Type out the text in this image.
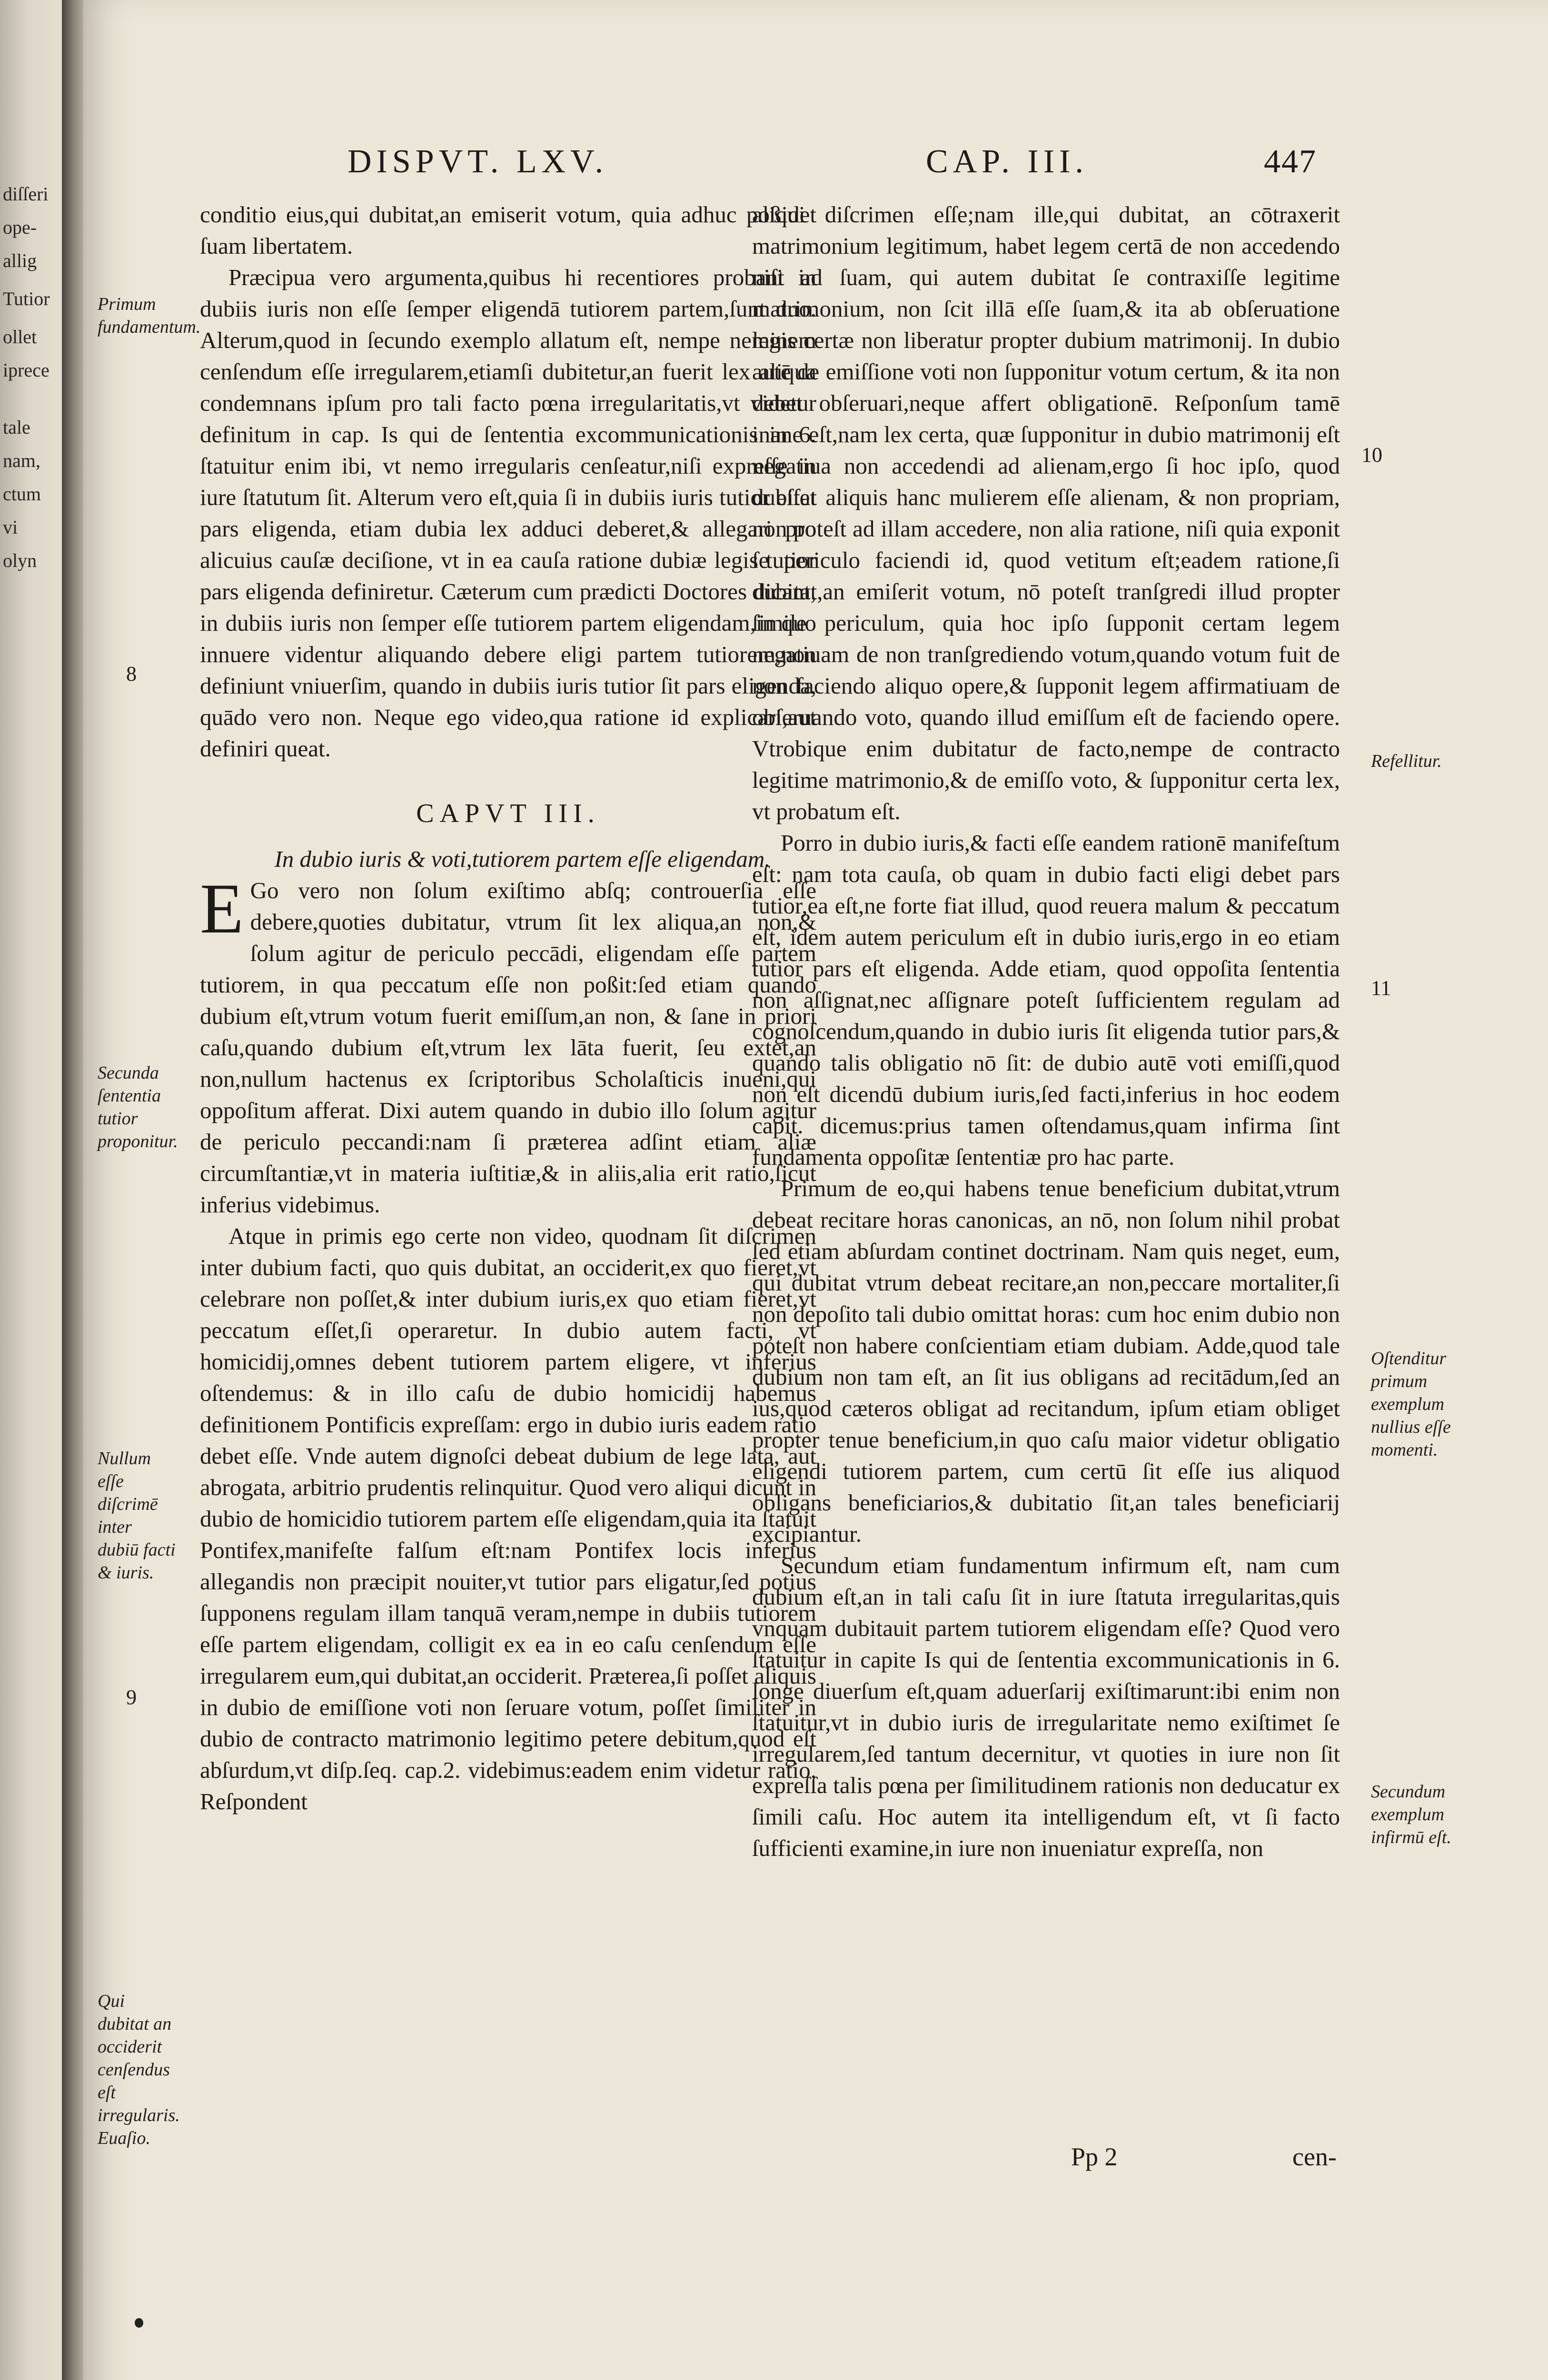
diſſeri
ope-
allig
Tutior
ollet
iprece
tale
nam,
ctum
vi
olyn
DISPVT. LXV.	CAP. III.	447
Primum fundamentum.
Secunda ſententia tutior proponitur.
Nullum eſſe diſcrimē inter dubiū facti & iuris.
Qui dubitat an occiderit cenſendus eſt irregularis. Euaſio.
8
9
Refellitur.
Oſtenditur primum exemplum nullius eſſe momenti.
Secundum exemplum infirmū eſt.
10
11

conditio eius,qui dubitat,an emiserit votum, quia adhuc poßidet ſuam libertatem.

Præcipua vero argumenta,quibus hi recentiores probant in dubiis iuris non eſſe ſemper eligendā tutiorem partem,ſunt duo. Alterum,quod in ſecundo exemplo allatum eſt, nempe neminem cenſendum eſſe irregularem,etiamſi dubitetur,an fuerit lex aliqua condemnans ipſum pro tali facto pœna irregularitatis,vt videtur definitum in cap. Is qui de ſententia excommunicationis in 6. ſtatuitur enim ibi, vt nemo irregularis cenſeatur,niſi expreſſe in iure ſtatutum ſit. Alterum vero eſt,quia ſi in dubiis iuris tutior eſſet pars eligenda, etiam dubia lex adduci deberet,& allegari pro alicuius cauſæ deciſione, vt in ea cauſa ratione dubiæ legis tutior pars eligenda definiretur. Cæterum cum prædicti Doctores dicant, in dubiis iuris non ſemper eſſe tutiorem partem eligendam,in quo innuere videntur aliquando debere eligi partem tutiorem,non definiunt vniuerſim, quando in dubiis iuris tutior ſit pars eligenda, quādo vero non. Neque ego video,qua ratione id explicari,aut definiri queat.

CAPVT III.

In dubio iuris & voti,tutiorem partem eſſe eligendam.

E Go vero non ſolum exiſtimo abſq; controuerſia eſſe debere,quoties dubitatur, vtrum ſit lex aliqua,an non,& ſolum agitur de periculo peccādi, eligendam eſſe partem tutiorem, in qua peccatum eſſe non poßit:ſed etiam quando dubium eſt,vtrum votum fuerit emiſſum,an non, & ſane in priori caſu,quando dubium eſt,vtrum lex lāta fuerit, ſeu extet,an non,nullum hactenus ex ſcriptoribus Scholaſticis inueni,qui oppoſitum afferat. Dixi autem quando in dubio illo ſolum agitur de periculo peccandi:nam ſi præterea adſint etiam aliæ circumſtantiæ,vt in materia iuſtitiæ,& in aliis,alia erit ratio,ſicut inferius videbimus.

Atque in primis ego certe non video, quodnam ſit diſcrimen inter dubium facti, quo quis dubitat, an occiderit,ex quo fieret,vt celebrare non poſſet,& inter dubium iuris,ex quo etiam fieret,vt peccatum eſſet,ſi operaretur. In dubio autem facti, vt homicidij,omnes debent tutiorem partem eligere, vt inferius oſtendemus: & in illo caſu de dubio homicidij habemus definitionem Pontificis expreſſam: ergo in dubio iuris eadem ratio debet eſſe. Vnde autem dignoſci debeat dubium de lege lata, aut abrogata, arbitrio prudentis relinquitur. Quod vero aliqui dicunt in dubio de homicidio tutiorem partem eſſe eligendam,quia ita ſtatuit Pontifex,manifeſte falſum eſt:nam Pontifex locis inferius allegandis non præcipit nouiter,vt tutior pars eligatur,ſed potius ſupponens regulam illam tanquā veram,nempe in dubiis tutiorem eſſe partem eligendam, colligit ex ea in eo caſu cenſendum eſſe irregularem eum,qui dubitat,an occiderit. Præterea,ſi poſſet aliquis in dubio de emiſſione voti non ſeruare votum, poſſet ſimiliter in dubio de contracto matrimonio legitimo petere debitum,quod eſt abſurdum,vt diſp.ſeq. cap.2. videbimus:eadem enim videtur ratio. Reſpondent

aliqui diſcrimen eſſe;nam ille,qui dubitat, an cōtraxerit matrimonium legitimum, habet legem certā de non accedendo niſi ad ſuam, qui autem dubitat ſe contraxiſſe legitime matrimonium, non ſcit illā eſſe ſuam,& ita ab obſeruatione legis certæ non liberatur propter dubium matrimonij. In dubio autē de emiſſione voti non ſupponitur votum certum, & ita non debet obſeruari,neque affert obligationē. Reſponſum tamē inane eſt,nam lex certa, quæ ſupponitur in dubio matrimonij eſt negatiua non accedendi ad alienam,ergo ſi hoc ipſo, quod dubitat aliquis hanc mulierem eſſe alienam, & non propriam, non poteſt ad illam accedere, non alia ratione, niſi quia exponit ſe periculo faciendi id, quod vetitum eſt;eadem ratione,ſi dubitat,an emiſerit votum, nō poteſt tranſgredi illud propter ſimile periculum, quia hoc ipſo ſupponit certam legem negatiuam de non tranſgrediendo votum,quando votum fuit de non faciendo aliquo opere,& ſupponit legem affirmatiuam de obſeruando voto, quando illud emiſſum eſt de faciendo opere. Vtrobique enim dubitatur de facto,nempe de contracto legitime matrimonio,& de emiſſo voto, & ſupponitur certa lex, vt probatum eſt.

Porro in dubio iuris,& facti eſſe eandem rationē manifeſtum eſt: nam tota cauſa, ob quam in dubio facti eligi debet pars tutior,ea eſt,ne forte fiat illud, quod reuera malum & peccatum eſt, idem autem periculum eſt in dubio iuris,ergo in eo etiam tutior pars eſt eligenda. Adde etiam, quod oppoſita ſententia non aſſignat,nec aſſignare poteſt ſufficientem regulam ad cognoſcendum,quando in dubio iuris ſit eligenda tutior pars,& quando talis obligatio nō ſit: de dubio autē voti emiſſi,quod non eſt dicendū dubium iuris,ſed facti,inferius in hoc eodem capit. dicemus:prius tamen oſtendamus,quam infirma ſint fundamenta oppoſitæ ſententiæ pro hac parte.

Primum de eo,qui habens tenue beneficium dubitat,vtrum debeat recitare horas canonicas, an nō, non ſolum nihil probat ſed etiam abſurdam continet doctrinam. Nam quis neget, eum, qui dubitat vtrum debeat recitare,an non,peccare mortaliter,ſi non depoſito tali dubio omittat horas: cum hoc enim dubio non poteſt non habere conſcientiam etiam dubiam. Adde,quod tale dubium non tam eſt, an ſit ius obligans ad recitādum,ſed an ius,quod cæteros obligat ad recitandum, ipſum etiam obliget propter tenue beneficium,in quo caſu maior videtur obligatio eligendi tutiorem partem, cum certū ſit eſſe ius aliquod obligans beneficiarios,& dubitatio ſit,an tales beneficiarij excipiantur.

Secundum etiam fundamentum infirmum eſt, nam cum dubium eſt,an in tali caſu ſit in iure ſtatuta irregularitas,quis vnquam dubitauit partem tutiorem eligendam eſſe? Quod vero ſtatuitur in capite Is qui de ſententia excommunicationis in 6. longe diuerſum eſt,quam aduerſarij exiſtimarunt:ibi enim non ſtatuitur,vt in dubio iuris de irregularitate nemo exiſtimet ſe irregularem,ſed tantum decernitur, vt quoties in iure non ſit expreſſa talis pœna per ſimilitudinem rationis non deducatur ex ſimili caſu. Hoc autem ita intelligendum eſt, vt ſi facto ſufficienti examine,in iure non inueniatur expreſſa, non

Pp 2	cen-
